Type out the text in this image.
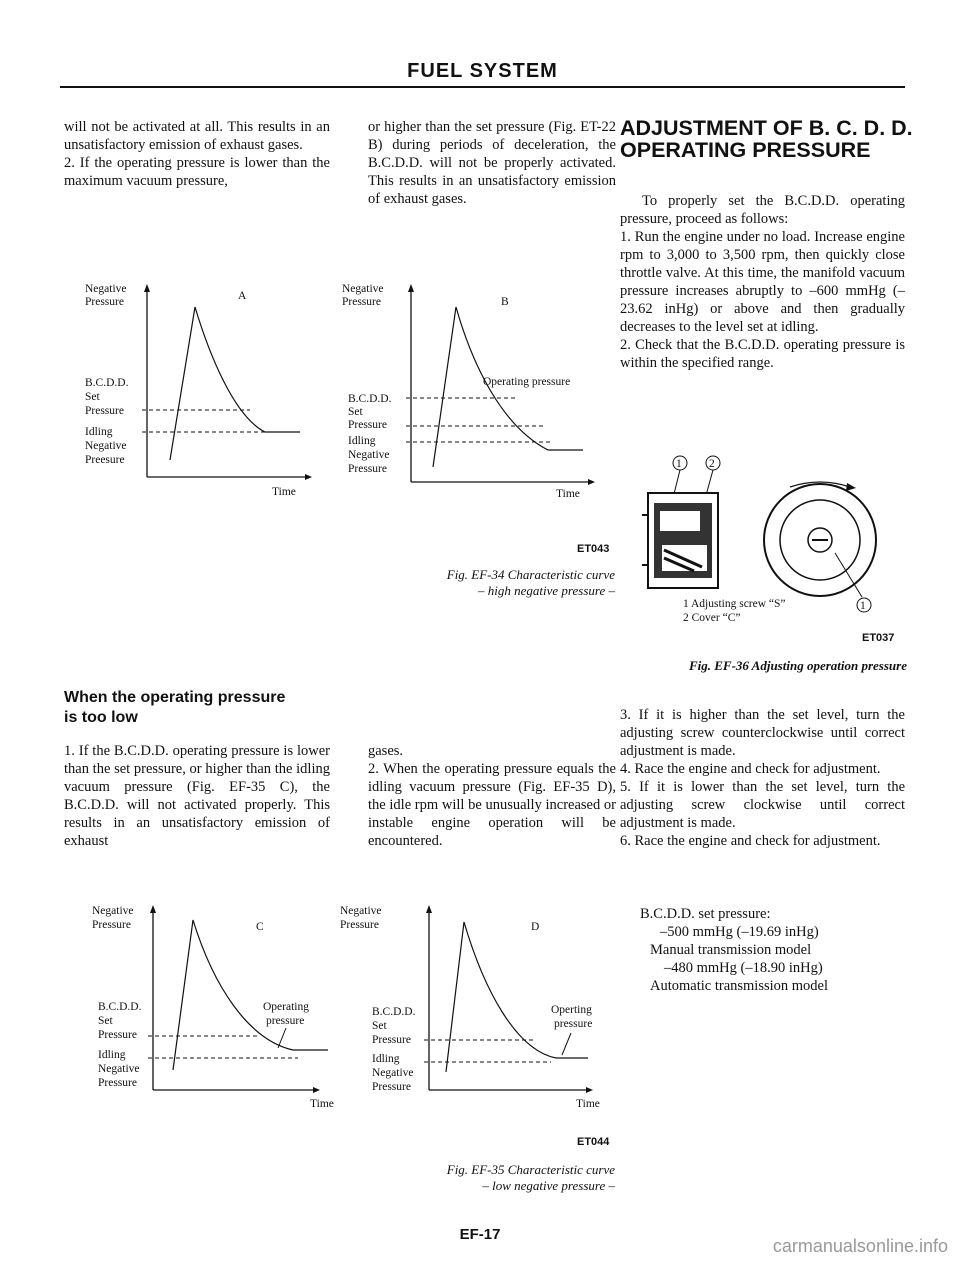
FUEL SYSTEM

will not be activated at all. This results in an unsatisfactory emission of exhaust gases.

2. If the operating pressure is lower than the maximum vacuum pressure,

or higher than the set pressure (Fig. ET-22 B) during periods of deceleration, the B.C.D.D. will not be properly activated. This results in an unsatisfactory emission of exhaust gases.

ADJUSTMENT OF B. C. D. D. OPERATING PRESSURE

To properly set the B.C.D.D. operating pressure, proceed as follows:

1. Run the engine under no load. Increase engine rpm to 3,000 to 3,500 rpm, then quickly close throttle valve. At this time, the manifold vacuum pressure increases abruptly to –600 mmHg (–23.62 inHg) or above and then gradually decreases to the level set at idling.

2. Check that the B.C.D.D. operating pressure is within the specified range.

Negative
Pressure	A
B.C.D.D.
Set
Pressure
Idling
Negative
Preesure
Time
Negative
Pressure	B
B.C.D.D.
Set
Pressure
Idling
Negative
Pressure
Operating pressure
Time
ET043
Fig. EF-34 Characteristic curve
– high negative pressure –
1 2
1 Adjusting screw “S”
2 Cover “C”
1
ET037
Fig. EF-36 Adjusting operation pressure
When the operating pressure
is too low

1. If the B.C.D.D. operating pressure is lower than the set pressure, or higher than the idling vacuum pressure (Fig. EF-35 C), the B.C.D.D. will not activated properly. This results in an unsatisfactory emission of exhaust

gases.

2. When the operating pressure equals the idling vacuum pressure (Fig. EF-35 D), the idle rpm will be unusually increased or instable engine operation will be encountered.

3. If it is higher than the set level, turn the adjusting screw counterclockwise until correct adjustment is made.

4. Race the engine and check for adjustment.

5. If it is lower than the set level, turn the adjusting screw clockwise until correct adjustment is made.

6. Race the engine and check for adjustment.

B.C.D.D. set pressure:
–500 mmHg (–19.69 inHg)
Manual transmission model
–480 mmHg (–18.90 inHg)
Automatic transmission model
Negative
Pressure	C
B.C.D.D.
Set
Pressure
Idling
Negative
Pressure
Operating
pressure
Time
Negative
Pressure	D
B.C.D.D.
Set
Pressure
Idling
Negative
Pressure
Operting
pressure
Time
ET044
Fig. EF-35 Characteristic curve
– low negative pressure –
EF-17
carmanualsonline.info
